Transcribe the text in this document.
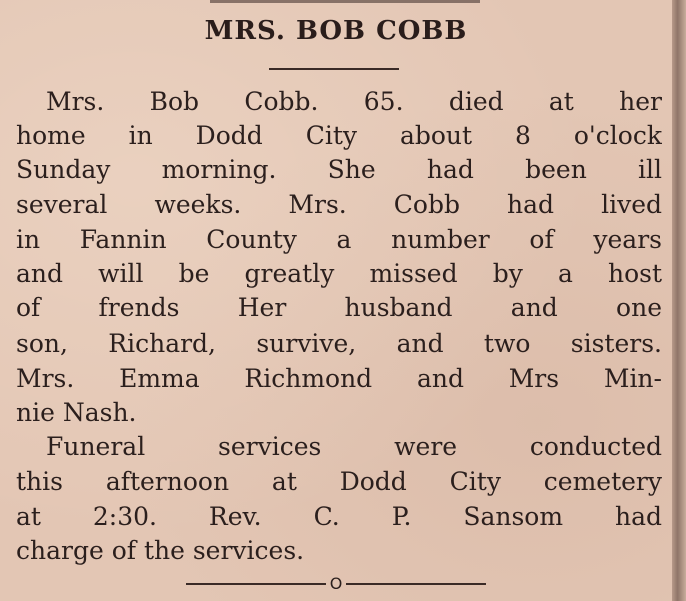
MRS. BOB COBB
Mrs. Bob Cobb. 65. died at her
home in Dodd City about 8 o'clock
Sunday morning. She had been ill
several weeks. Mrs. Cobb had lived
in Fannin County a number of years
and will be greatly missed by a host
of frends Her husband and one
son, Richard, survive, and two sisters.
Mrs. Emma Richmond and Mrs Min-
nie Nash.
Funeral services were conducted
this afternoon at Dodd City cemetery
at 2:30. Rev. C. P. Sansom had
charge of the services.
O
